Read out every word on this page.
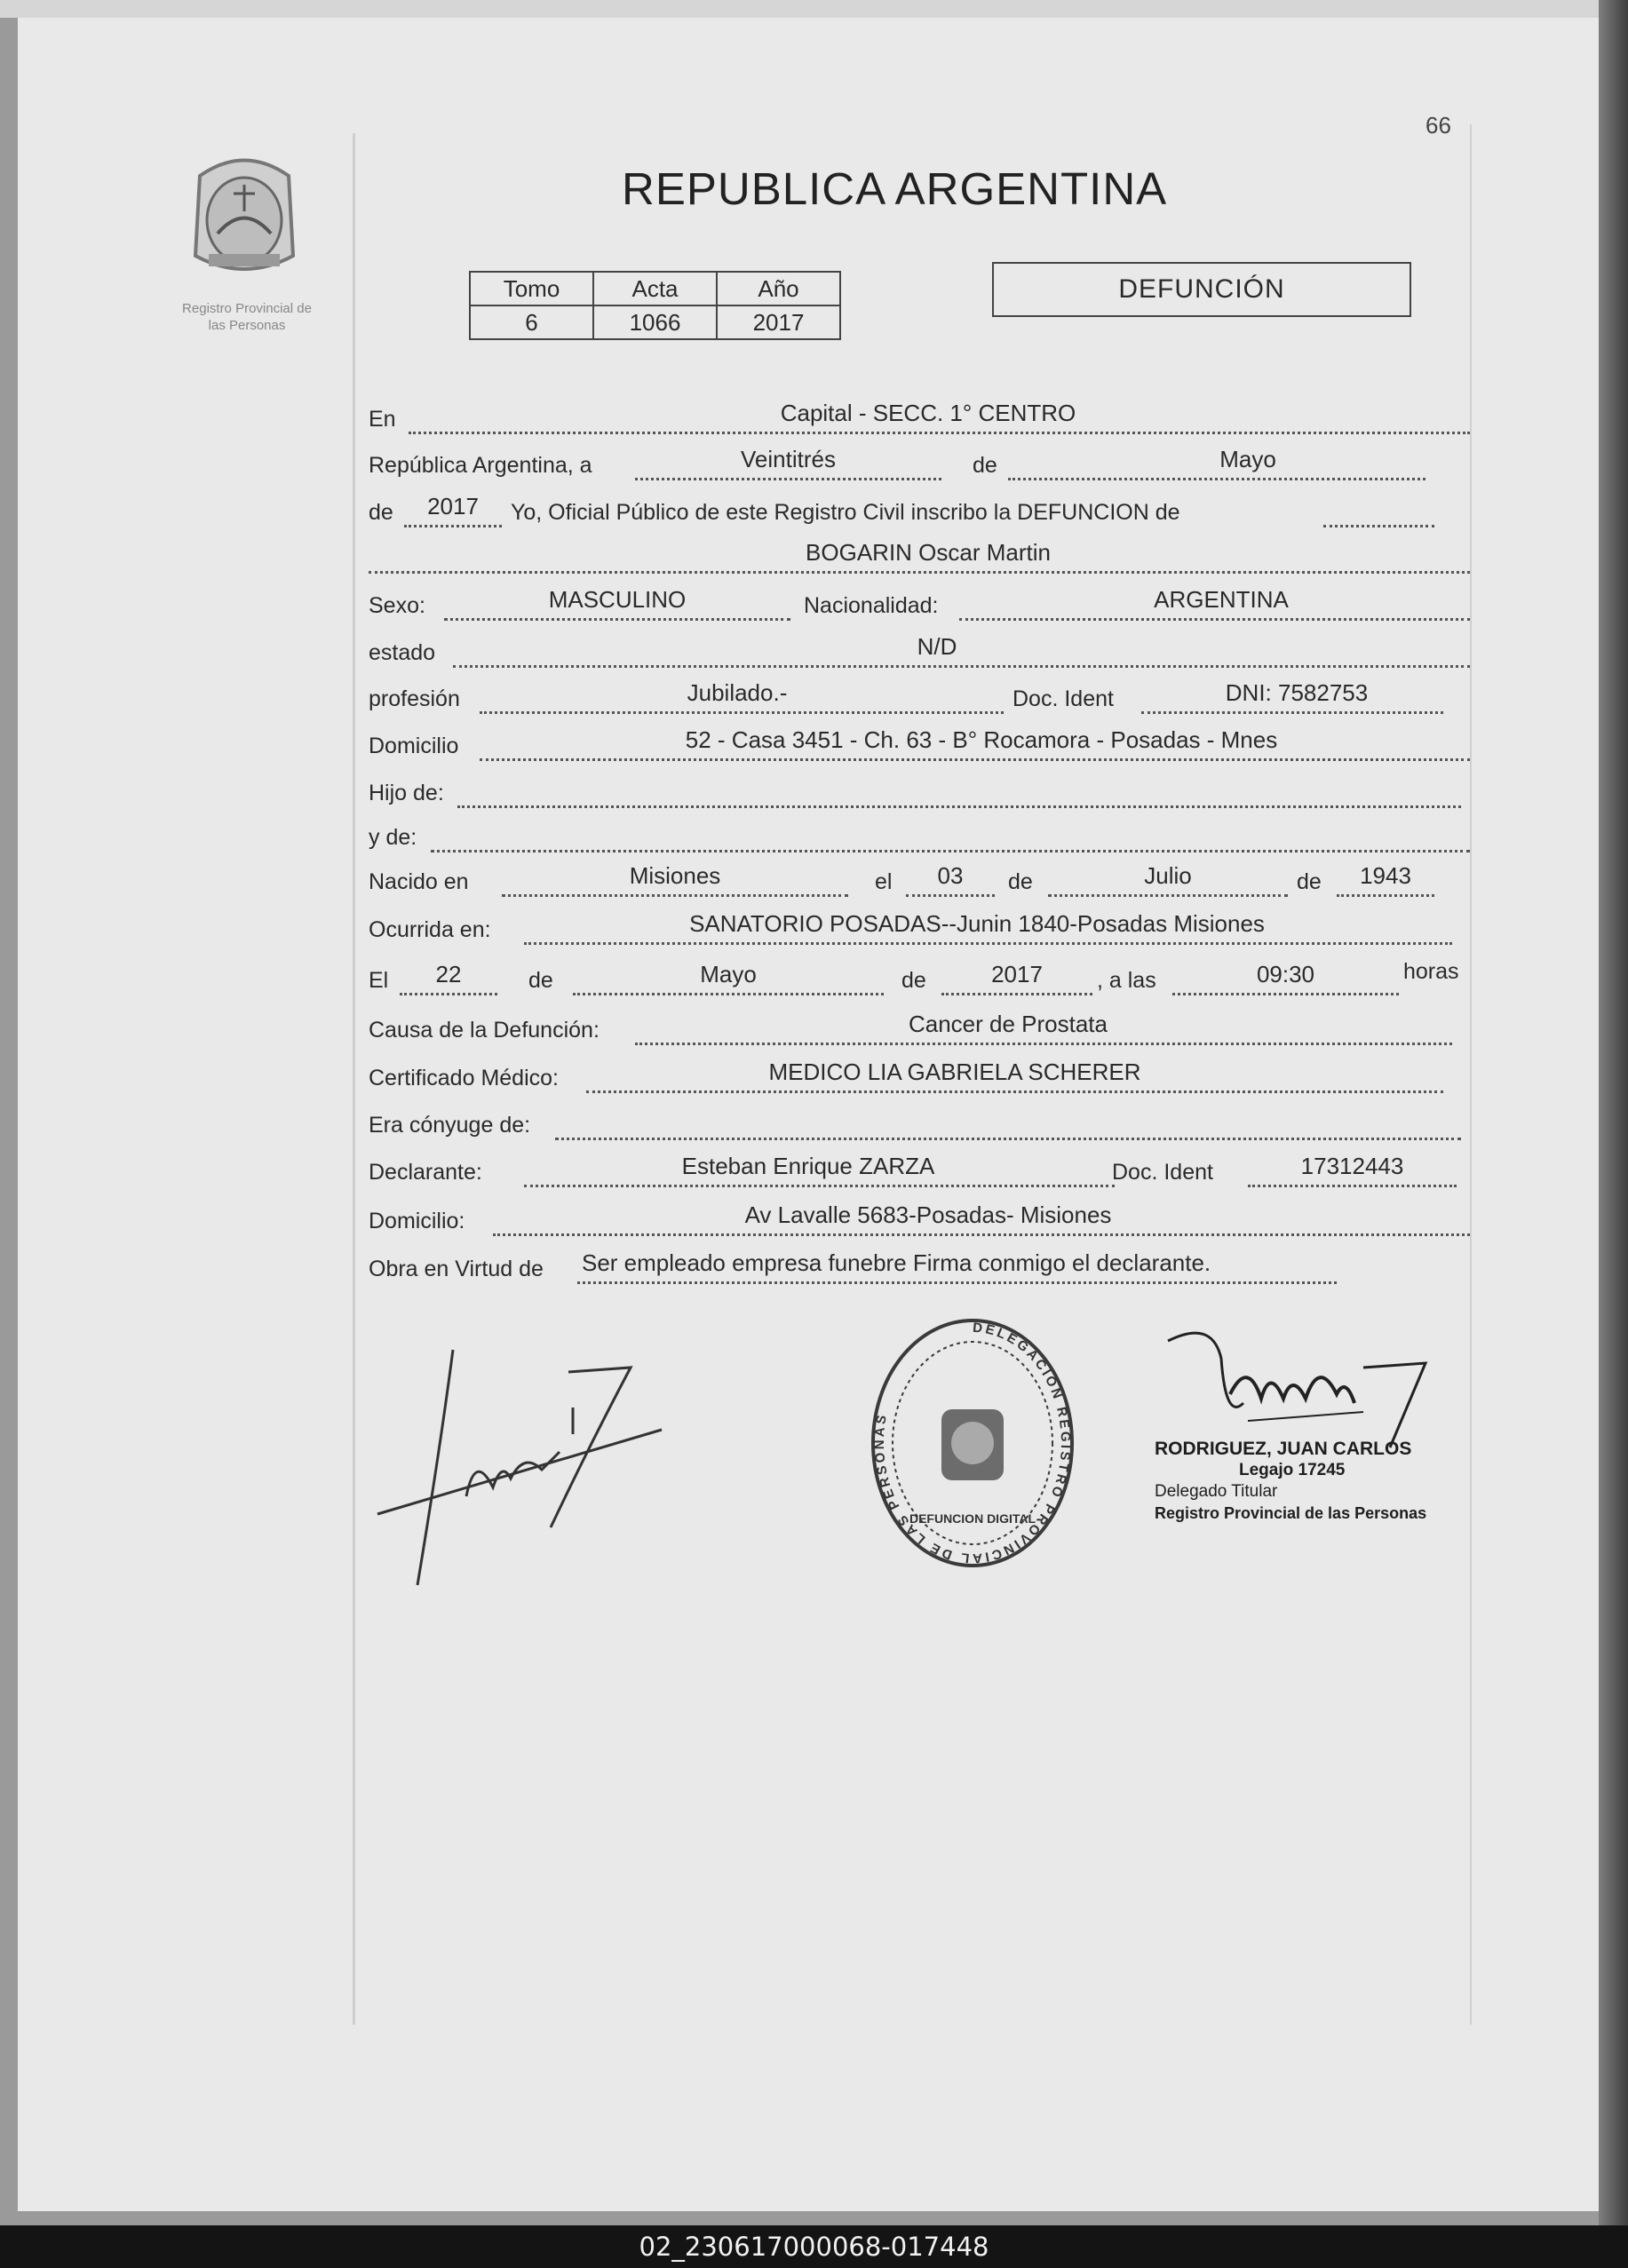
66
Registro Provincial de
las Personas
REPUBLICA ARGENTINA
Tomo	Acta	Año
6	1066	2017
DEFUNCIÓN
En	Capital - SECC. 1° CENTRO
República Argentina, a	Veintitrés	de	Mayo
de	2017	Yo, Oficial Público de este Registro Civil inscribo la DEFUNCION de
BOGARIN Oscar Martin
Sexo:	MASCULINO	Nacionalidad:	ARGENTINA
estado	N/D
profesión	Jubilado.-	Doc. Ident	DNI: 7582753
Domicilio	52 - Casa 3451 - Ch. 63 - B° Rocamora - Posadas - Mnes
Hijo de:
y de:
Nacido en	Misiones	el	03	de	Julio	de	1943
Ocurrida en:	SANATORIO POSADAS--Junin 1840-Posadas Misiones
El	22	de	Mayo	de	2017	, a las	09:30	horas
Causa de la Defunción:	Cancer de Prostata
Certificado Médico:	MEDICO LIA GABRIELA SCHERER
Era cónyuge de:
Declarante:	Esteban Enrique ZARZA	Doc. Ident	17312443
Domicilio:	Av Lavalle 5683-Posadas- Misiones
Obra en Virtud de Ser empleado empresa funebre Firma conmigo el declarante.
DELEGACION REGISTRO PROVINCIAL DE LAS PERSONAS
DEFUNCION DIGITAL
RODRIGUEZ, JUAN CARLOS
Legajo 17245
Delegado Titular
Registro Provincial de las Personas
02_230617000068-017448
